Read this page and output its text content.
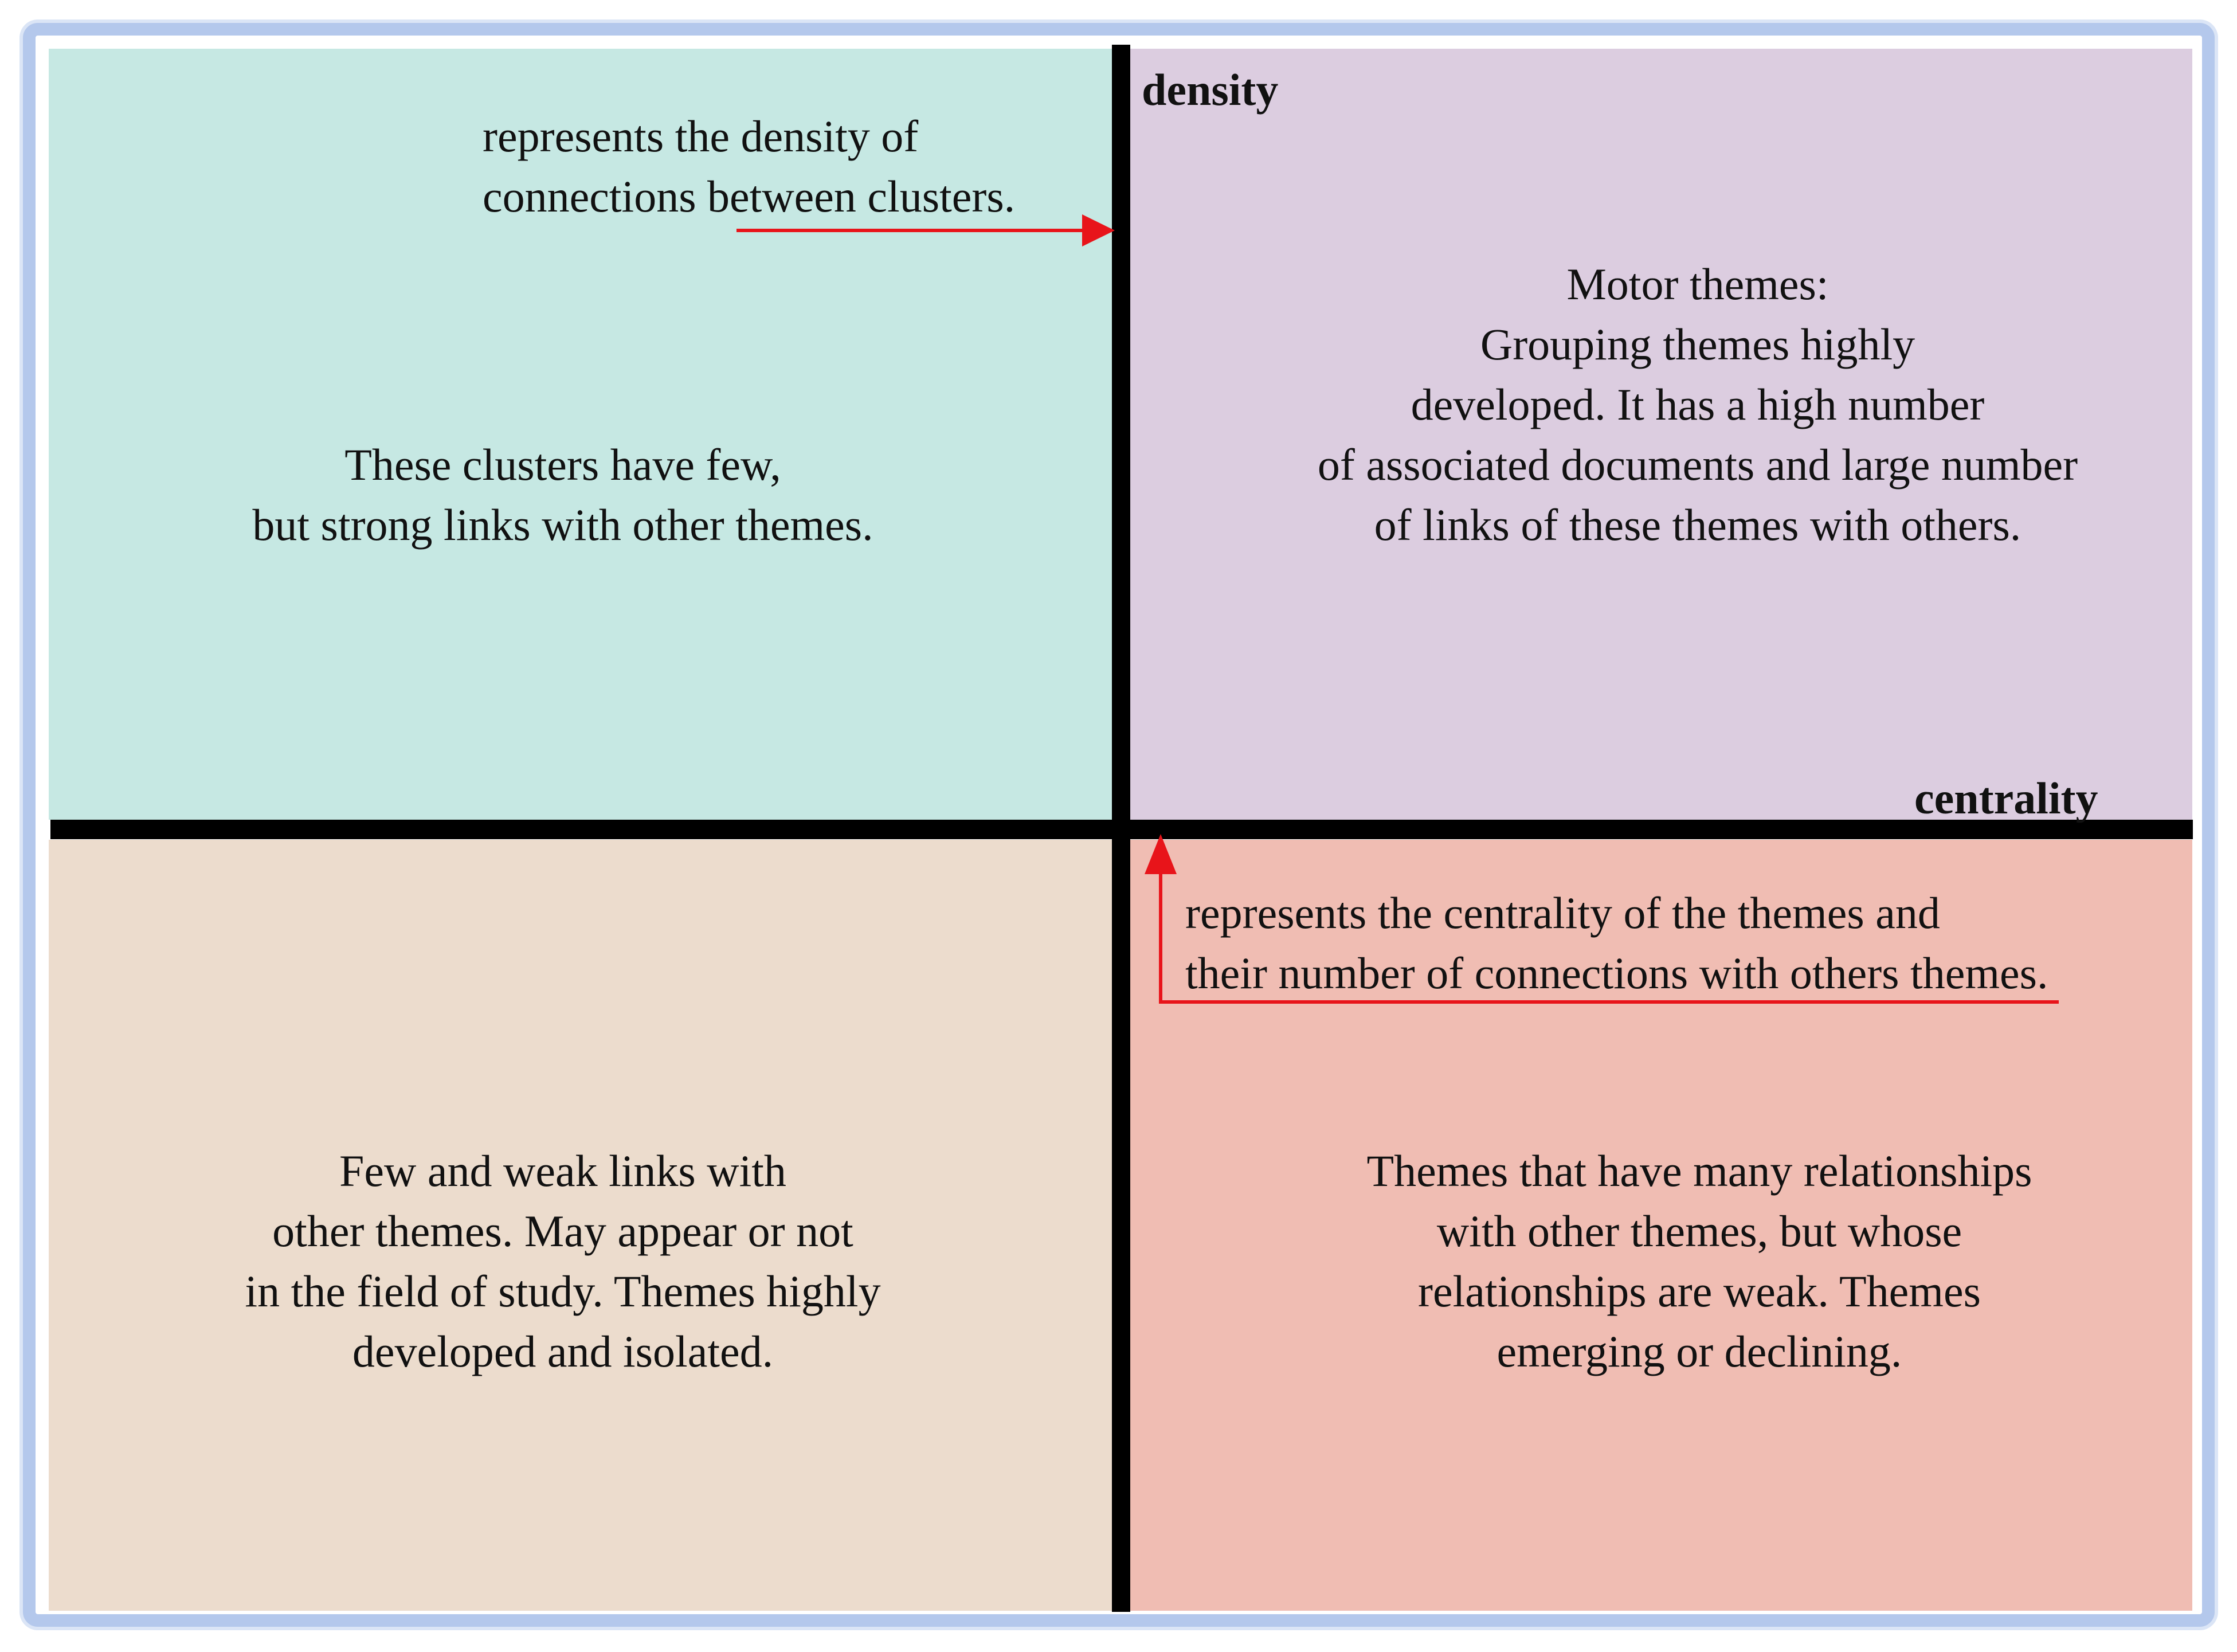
density
centrality
represents the density of
connections between clusters.
represents the centrality of the themes and
their number of connections with others themes.
These clusters have few,
but strong links with other themes.
Motor themes:
Grouping themes highly
developed. It has a high number
of associated documents and large number
of links of these themes with others.
Few and weak links with
other themes. May appear or not
in the field of study. Themes highly
developed and isolated.
Themes that have many relationships
with other themes, but whose
relationships are weak. Themes
emerging or declining.
